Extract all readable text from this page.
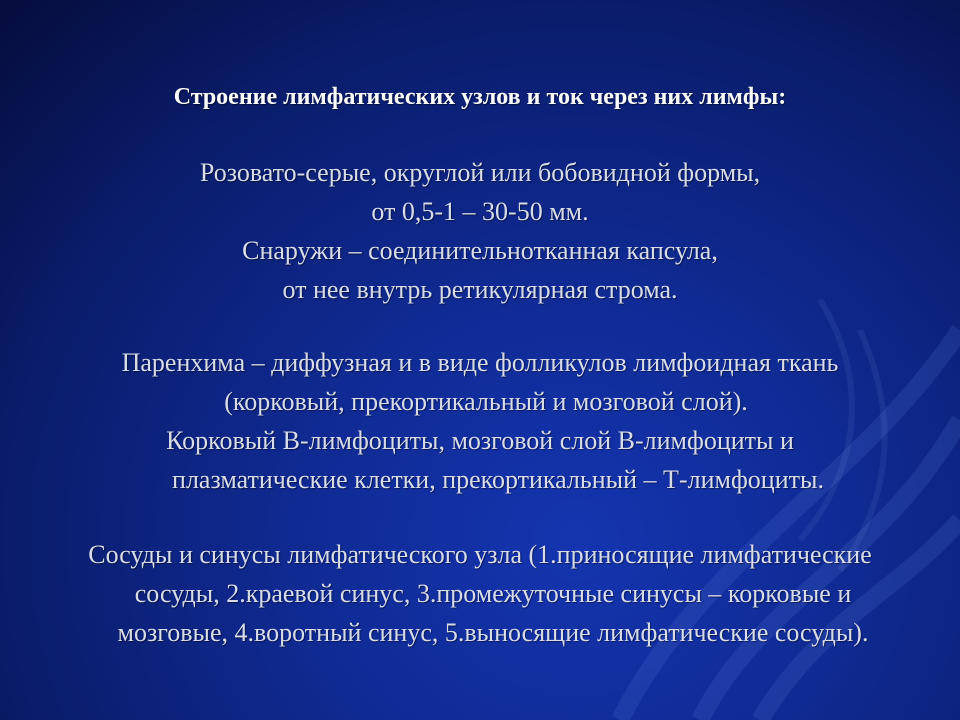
Строение лимфатических узлов и ток через них лимфы:
Розовато-серые, округлой или бобовидной формы,
от 0,5-1 – 30-50 мм.
Снаружи – соединительнотканная капсула,
от нее внутрь ретикулярная строма.
Паренхима – диффузная и в виде фолликулов лимфоидная ткань
(корковый, прекортикальный и мозговой слой).
Корковый В-лимфоциты, мозговой слой В-лимфоциты и
плазматические клетки, прекортикальный – Т-лимфоциты.
Сосуды и синусы лимфатического узла (1.приносящие лимфатические
сосуды, 2.краевой синус, 3.промежуточные синусы – корковые и
мозговые, 4.воротный синус, 5.выносящие лимфатические сосуды).
